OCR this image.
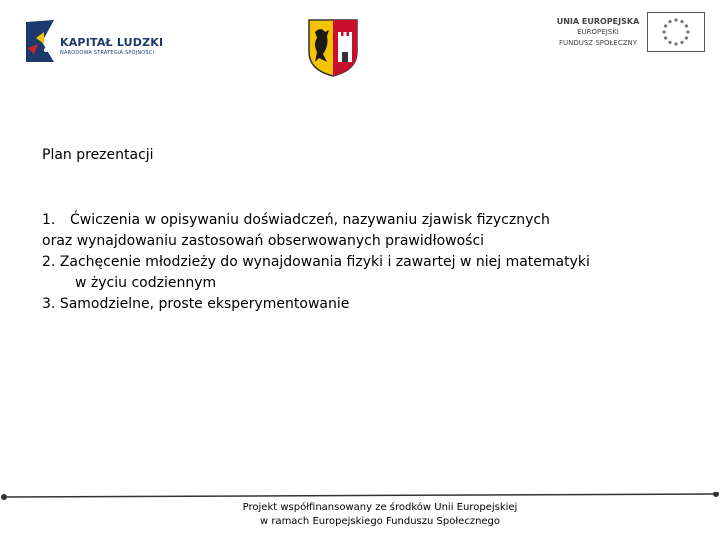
KAPITAŁ LUDZKI
NARODOWA STRATEGIA SPÓJNOŚCI
UNIA EUROPEJSKA
EUROPEJSKI
FUNDUSZ SPOŁECZNY
Plan prezentacji
1. Ćwiczenia w opisywaniu doświadczeń, nazywaniu zjawisk fizycznych
oraz wynajdowaniu zastosowań obserwowanych prawidłowości
2. Zachęcenie młodzieży do wynajdowania fizyki i zawartej w niej matematyki
w życiu codziennym
3. Samodzielne, proste eksperymentowanie
Projekt współfinansowany ze środków Unii Europejskiej
w ramach Europejskiego Funduszu Społecznego
